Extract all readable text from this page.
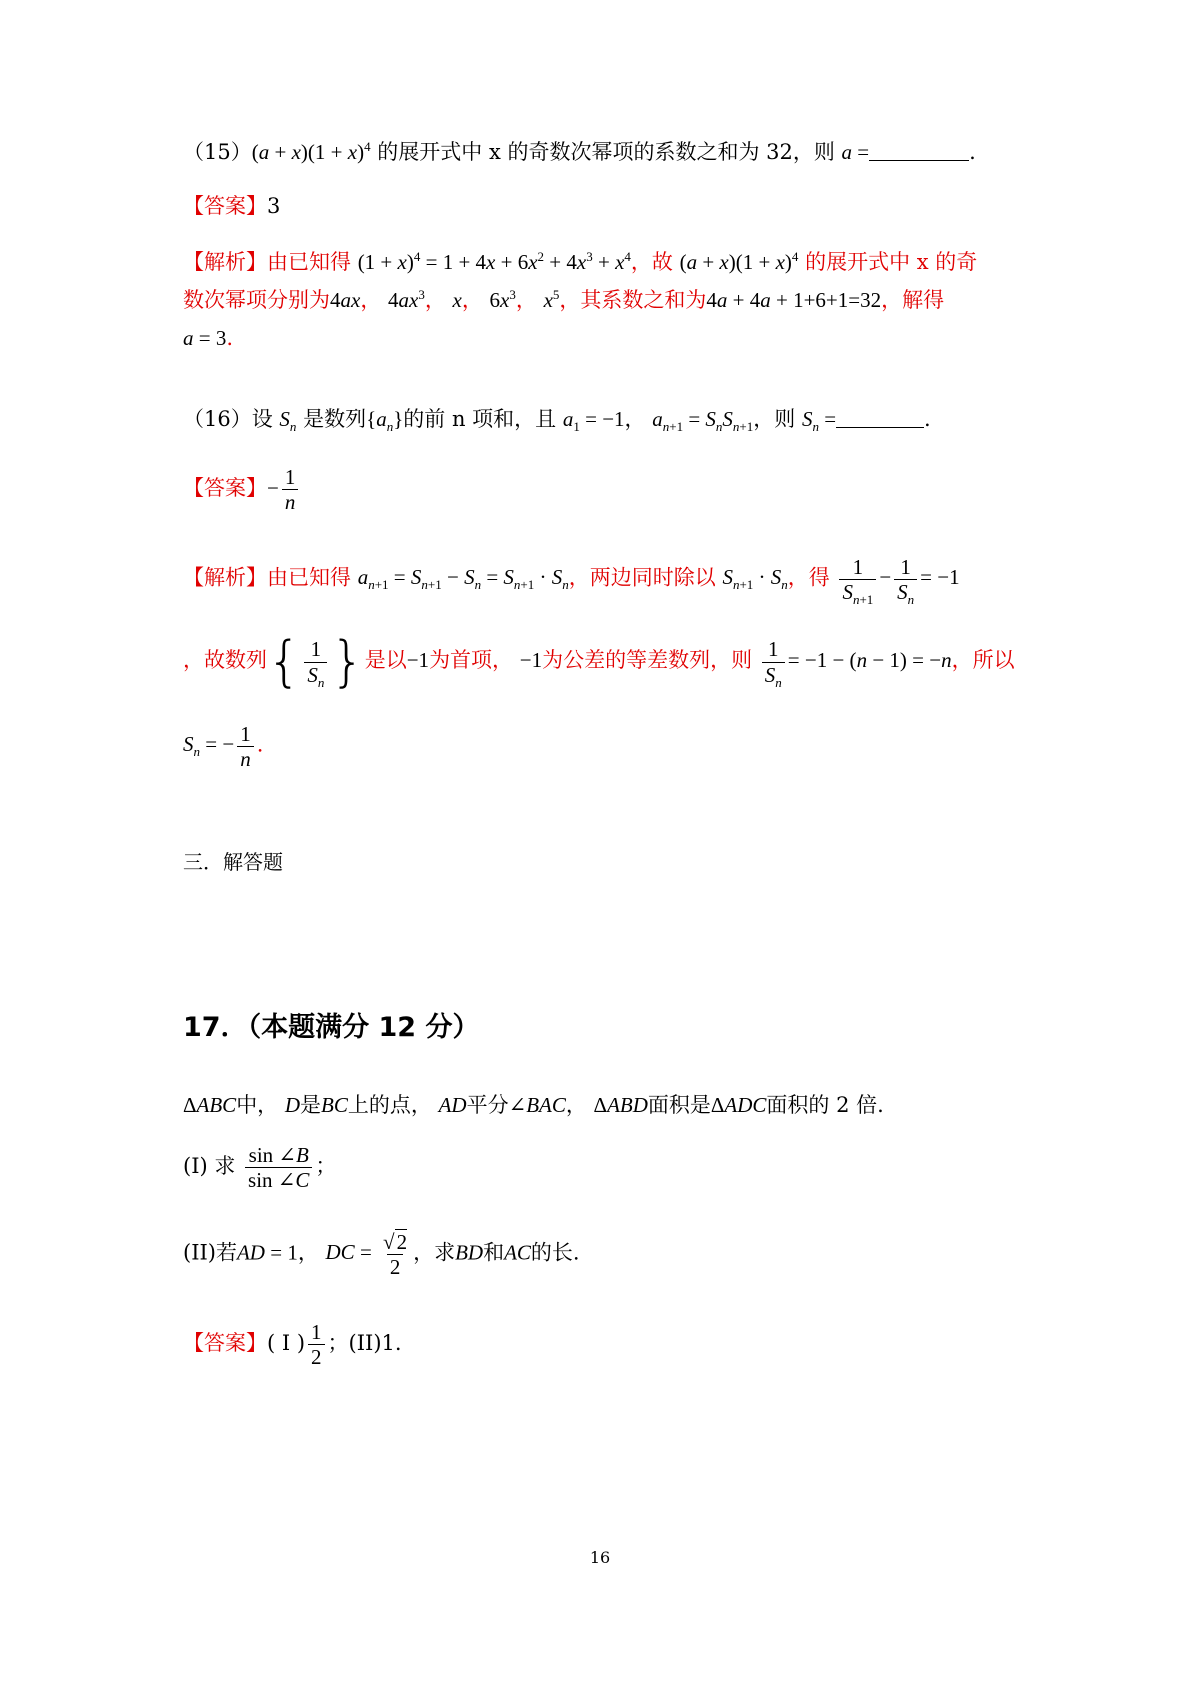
$(15)(a + x)(1 + x)^4$ 的展开式中 x 的奇数次幂项的系数之和为 32，则 a =	.
【答案】3
【解析】由已知得 $(1 + x)^4 = 1 + 4x + 6x^2 + 4x^3 + x^4$，故 $(a + x)(1 + x)^4$ 的展开式中 x 的奇
数次幂项分别为4ax， $4ax^3$， x， $6x^3$， $x^5$，其系数之和为4a + 4a + 1+6+1=32，解得
a = 3.
（16）设 $S_n$ 是数列$\{a_n\}$的前 n 项和，且 $a_1 = -1$， $a_{n+1} = S_nS_{n+1}$，则 $S_n$ =	.
【答案】− $\frac{1}{n}$
【解析】由已知得 $a_{n+1} = S_{n+1} - S_n = S_{n+1} \cdot S_n$，两边同时除以 $S_{n+1} \cdot S_n$，得 $\frac{1}{S_{n+1}} - \frac{1}{S_n} = -1$
，故数列{ $\frac{1}{S_n}$ }是以−1为首项， −1为公差的等差数列，则 $\frac{1}{S_n} = -1 - (n - 1) = -n$，所以
$S_n$ = − $\frac{1}{n}$ .
三．解答题
17．（本题满分 12 分）
ΔABC中， D是BC上的点， AD平分∠BAC， ΔABD面积是ΔADC面积的 2 倍.
(I) 求 $\frac{\sin \angle B}{\sin \angle C}$ ；
(II)若AD = 1， DC = $\frac{√2}{2}$ ，求BD和AC的长.
【答案】( Ⅰ ) $\frac{1}{2}$ ；(II)1.
16
